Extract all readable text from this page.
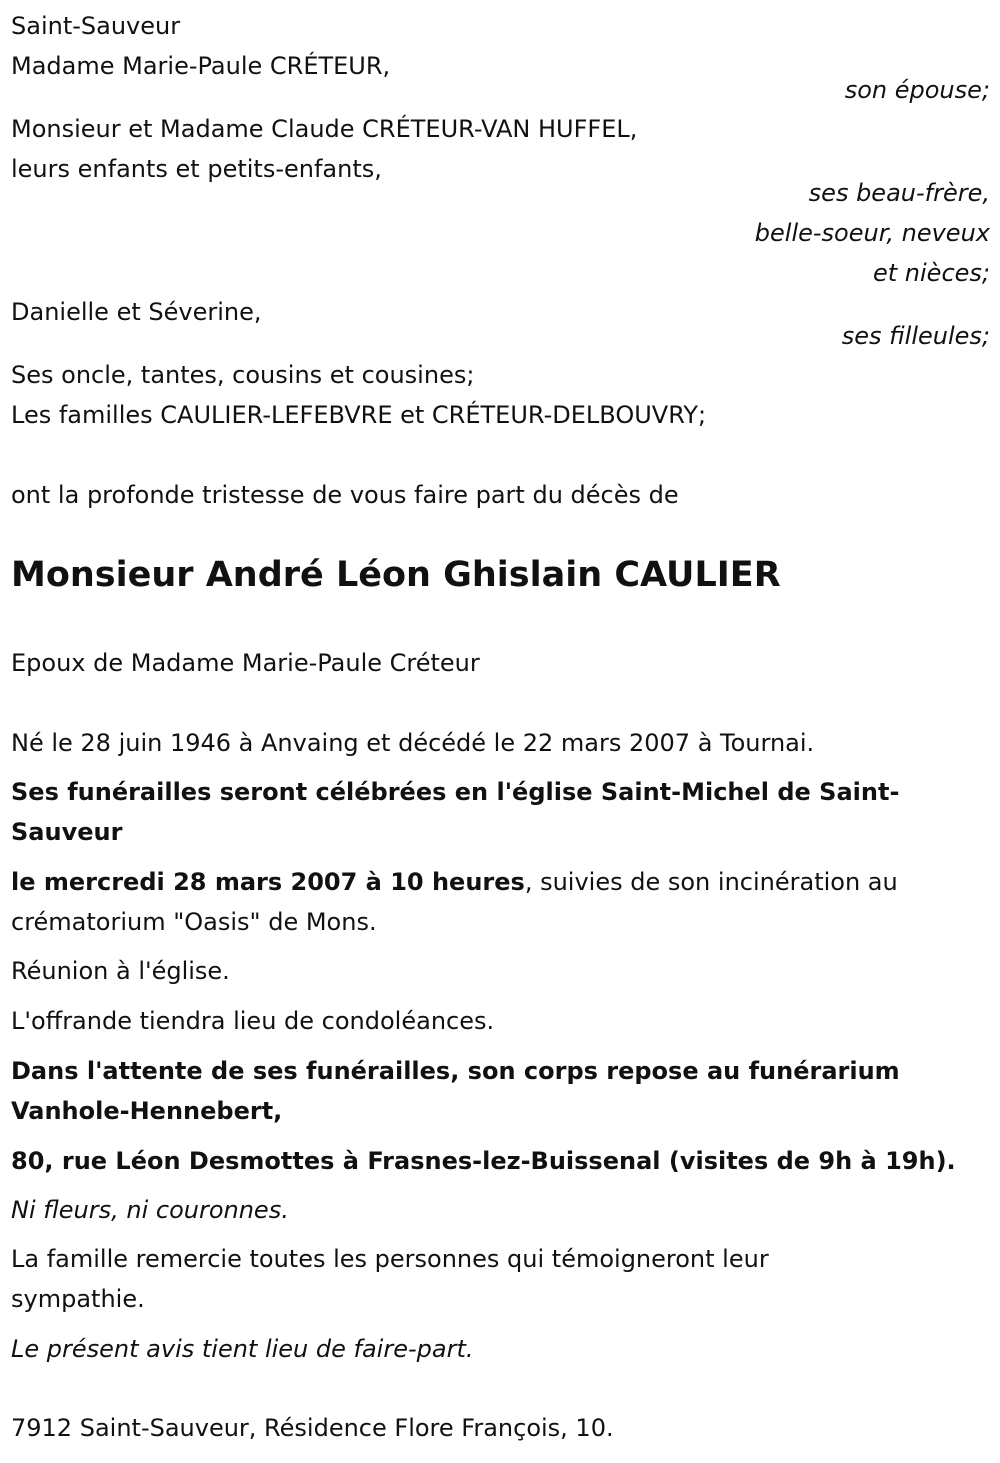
Saint-Sauveur
Madame Marie-Paule CRÉTEUR,
son épouse;
Monsieur et Madame Claude CRÉTEUR-VAN HUFFEL,
leurs enfants et petits-enfants,
ses beau-frère,
belle-soeur, neveux
et nièces;
Danielle et Séverine,
ses filleules;
Ses oncle, tantes, cousins et cousines;
Les familles CAULIER-LEFEBVRE et CRÉTEUR-DELBOUVRY;
ont la profonde tristesse de vous faire part du décès de
Monsieur André Léon Ghislain CAULIER
Epoux de Madame Marie-Paule Créteur
Né le 28 juin 1946 à Anvaing et décédé le 22 mars 2007 à Tournai.
Ses funérailles seront célébrées en l'église Saint-Michel de Saint-
Sauveur
le mercredi 28 mars 2007 à 10 heures, suivies de son incinération au
crématorium "Oasis" de Mons.
Réunion à l'église.
L'offrande tiendra lieu de condoléances.
Dans l'attente de ses funérailles, son corps repose au funérarium
Vanhole-Hennebert,
80, rue Léon Desmottes à Frasnes-lez-Buissenal (visites de 9h à 19h).
Ni fleurs, ni couronnes.
La famille remercie toutes les personnes qui témoigneront leur
sympathie.
Le présent avis tient lieu de faire-part.
7912 Saint-Sauveur, Résidence Flore François, 10.
